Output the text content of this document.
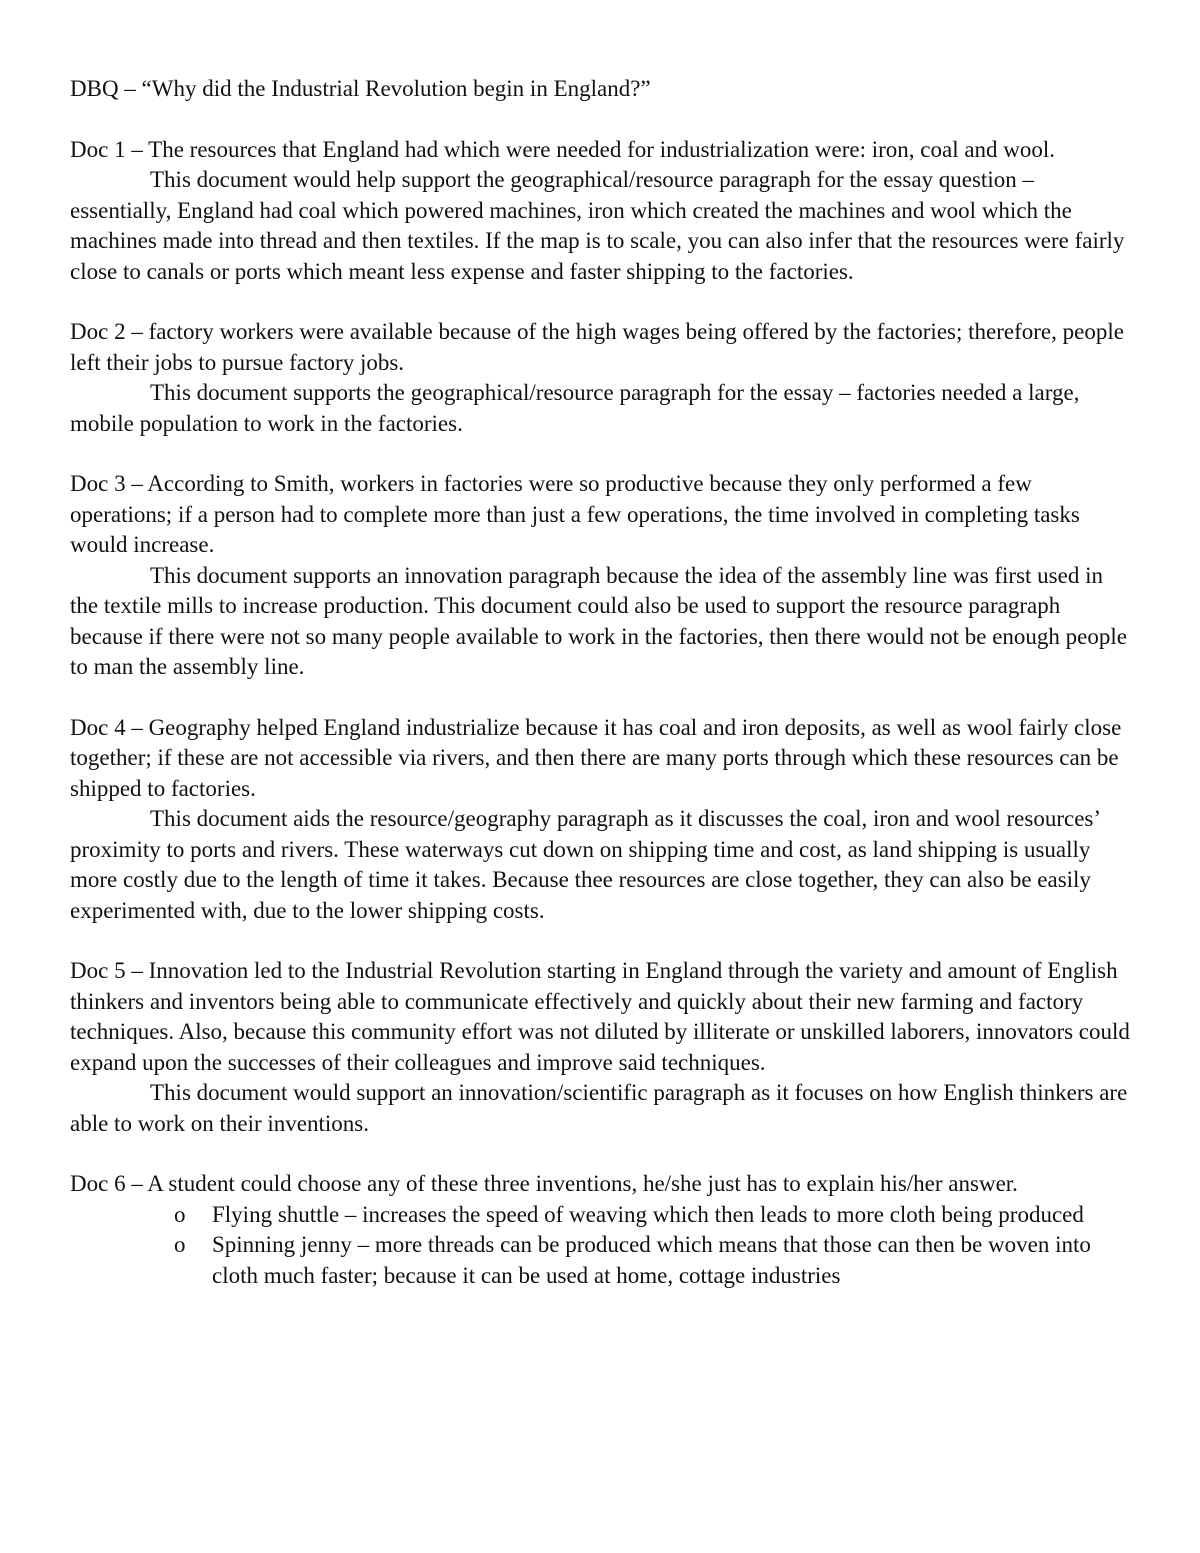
DBQ – “Why did the Industrial Revolution begin in England?”

Doc 1 – The resources that England had which were needed for industrialization were: iron, coal and wool.

This document would help support the geographical/resource paragraph for the essay question – essentially, England had coal which powered machines, iron which created the machines and wool which the machines made into thread and then textiles. If the map is to scale, you can also infer that the resources were fairly close to canals or ports which meant less expense and faster shipping to the factories.

Doc 2 – factory workers were available because of the high wages being offered by the factories; therefore, people left their jobs to pursue factory jobs.

This document supports the geographical/resource paragraph for the essay – factories needed a large, mobile population to work in the factories.

Doc 3 – According to Smith, workers in factories were so productive because they only performed a few operations; if a person had to complete more than just a few operations, the time involved in completing tasks would increase.

This document supports an innovation paragraph because the idea of the assembly line was first used in the textile mills to increase production. This document could also be used to support the resource paragraph because if there were not so many people available to work in the factories, then there would not be enough people to man the assembly line.

Doc 4 – Geography helped England industrialize because it has coal and iron deposits, as well as wool fairly close together; if these are not accessible via rivers, and then there are many ports through which these resources can be shipped to factories.

This document aids the resource/geography paragraph as it discusses the coal, iron and wool resources’ proximity to ports and rivers. These waterways cut down on shipping time and cost, as land shipping is usually more costly due to the length of time it takes. Because thee resources are close together, they can also be easily experimented with, due to the lower shipping costs.

Doc 5 – Innovation led to the Industrial Revolution starting in England through the variety and amount of English thinkers and inventors being able to communicate effectively and quickly about their new farming and factory techniques. Also, because this community effort was not diluted by illiterate or unskilled laborers, innovators could expand upon the successes of their colleagues and improve said techniques.

This document would support an innovation/scientific paragraph as it focuses on how English thinkers are able to work on their inventions.

Doc 6 – A student could choose any of these three inventions, he/she just has to explain his/her answer.

o Flying shuttle – increases the speed of weaving which then leads to more cloth being produced
o Spinning jenny – more threads can be produced which means that those can then be woven into cloth much faster; because it can be used at home, cottage industries
